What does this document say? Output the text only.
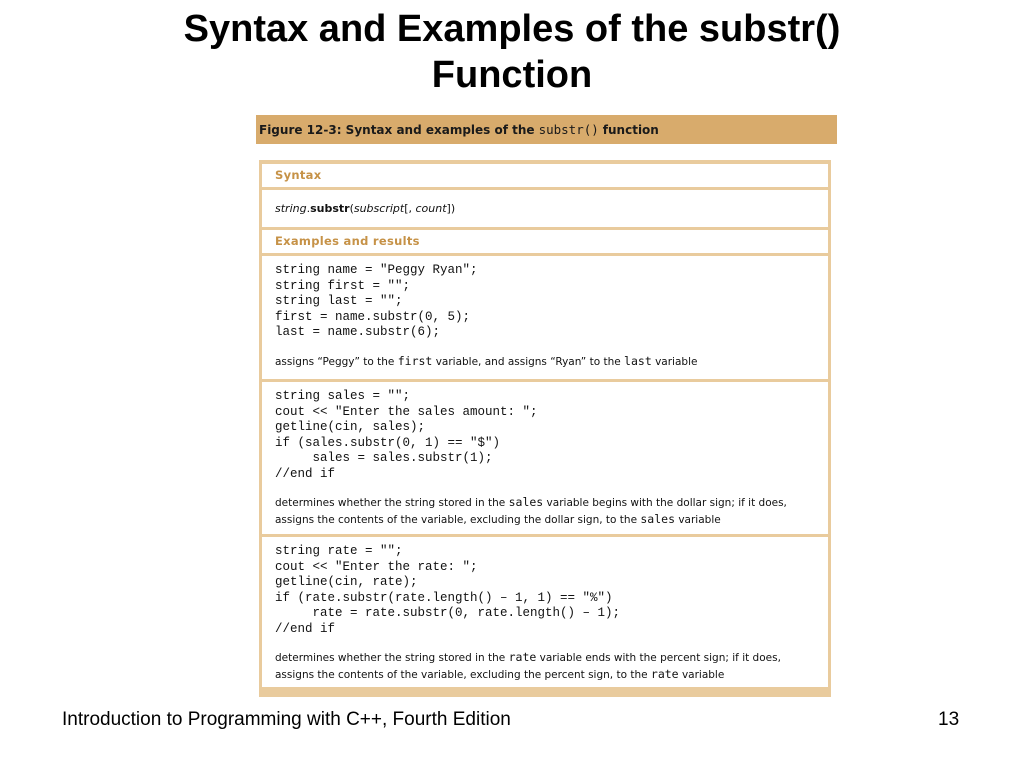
Syntax and Examples of the substr()
Function
Figure 12-3: Syntax and examples of the substr() function
Syntax
string.substr(subscript[, count])
Examples and results
string name = "Peggy Ryan";
string first = "";
string last = "";
first = name.substr(0, 5);
last = name.substr(6);
assigns “Peggy” to the first variable, and assigns “Ryan” to the last variable
string sales = "";
cout << "Enter the sales amount: ";
getline(cin, sales);
if (sales.substr(0, 1) == "$")
sales = sales.substr(1);
//end if
determines whether the string stored in the sales variable begins with the dollar sign; if it does, assigns the contents of the variable, excluding the dollar sign, to the sales variable
string rate = "";
cout << "Enter the rate: ";
getline(cin, rate);
if (rate.substr(rate.length() – 1, 1) == "%")
rate = rate.substr(0, rate.length() – 1);
//end if
determines whether the string stored in the rate variable ends with the percent sign; if it does, assigns the contents of the variable, excluding the percent sign, to the rate variable
Introduction to Programming with C++, Fourth Edition	13
